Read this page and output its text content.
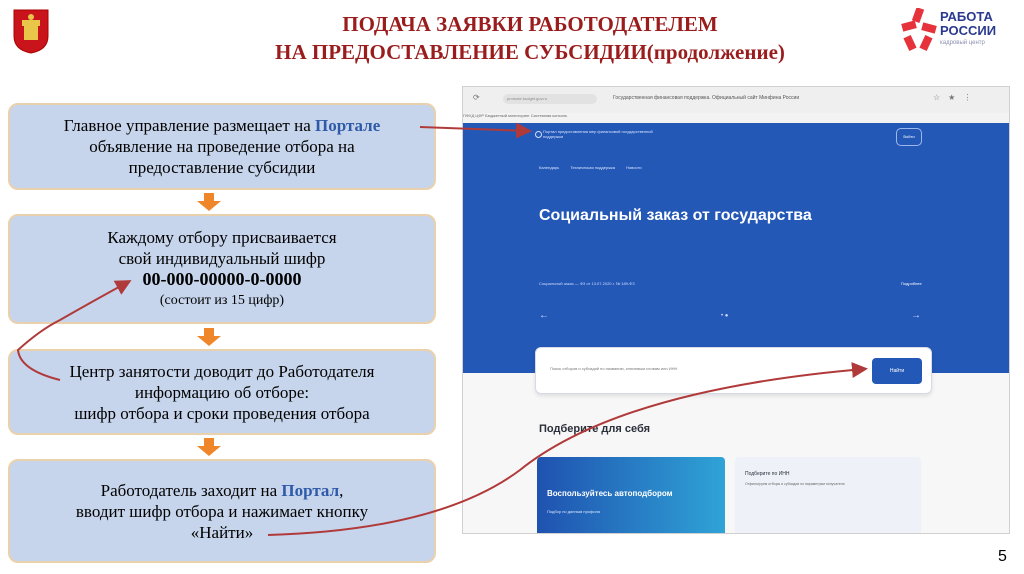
ПОДАЧА ЗАЯВКИ РАБОТОДАТЕЛЕМ
НА ПРЕДОСТАВЛЕНИЕ СУБСИДИИ(продолжение)
РАБОТА
РОССИИ
кадровый центр
Главное управление размещает на Портале
объявление на проведение отбора на
предоставление субсидии
Каждому отбору присваивается
свой индивидуальный шифр
00-000-00000-0-0000
(состоит из 15 цифр)
Центр занятости доводит до Работодателя
информацию об отборе:
шифр отбора и сроки проведения отбора
Работодатель заходит на Портал,
вводит шифр отбора и нажимает кнопку
«Найти»
⟳	promote.budget.gov.ru	Государственная финансовая поддержка. Официальный сайт Минфина России	☆★⋮
ПФХД ЦФР Бюджетный мониторинг Системная консоль
Портал предоставления мер финансовой государственной поддержки	Войти
Календарь	Техническая поддержка	Новости
Социальный заказ от государства
Социальный заказ — ФЗ от 13.07.2020 г. № 189-ФЗ	Подробнее
←	• ●	→
Поиск отборов и субсидий по названию, ключевым словам или ИНН
Найти
Подберите для себя
Воспользуйтесь автоподбором
Подбор по данным профиля
Подберите по ИНН
Отфильтруем отборы и субсидии по параметрам получателя
5
